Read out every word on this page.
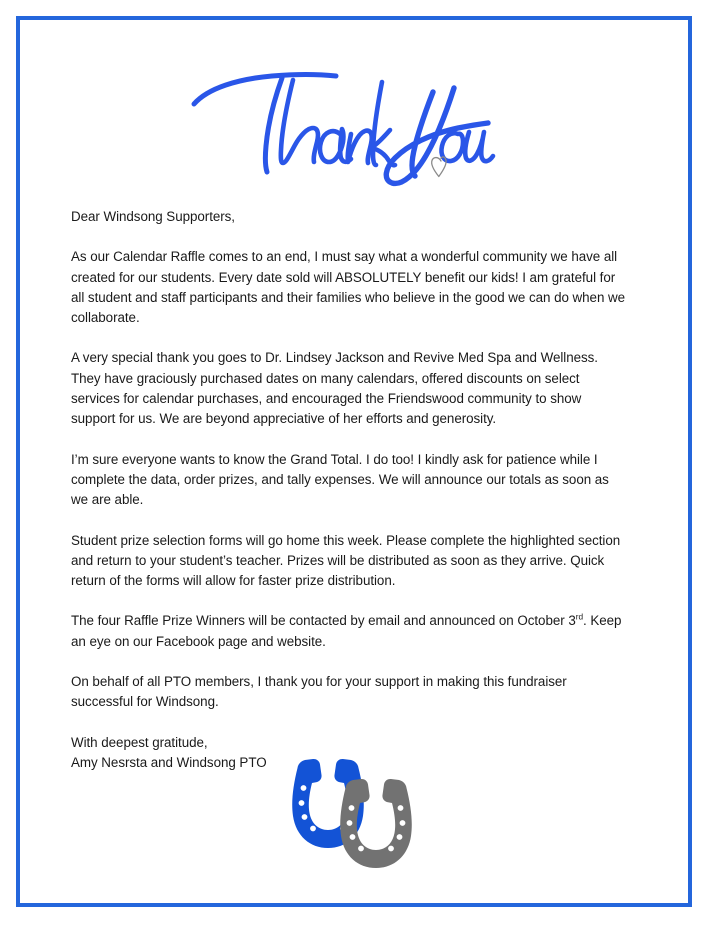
Dear Windsong Supporters,

As our Calendar Raffle comes to an end, I must say what a wonderful community we have all created for our students. Every date sold will ABSOLUTELY benefit our kids! I am grateful for all student and staff participants and their families who believe in the good we can do when we collaborate.

A very special thank you goes to Dr. Lindsey Jackson and Revive Med Spa and Wellness. They have graciously purchased dates on many calendars, offered discounts on select services for calendar purchases, and encouraged the Friendswood community to show support for us. We are beyond appreciative of her efforts and generosity.

I’m sure everyone wants to know the Grand Total. I do too! I kindly ask for patience while I complete the data, order prizes, and tally expenses. We will announce our totals as soon as we are able.

Student prize selection forms will go home this week. Please complete the highlighted section and return to your student’s teacher. Prizes will be distributed as soon as they arrive. Quick return of the forms will allow for faster prize distribution.

The four Raffle Prize Winners will be contacted by email and announced on October 3rd. Keep an eye on our Facebook page and website.

On behalf of all PTO members, I thank you for your support in making this fundraiser successful for Windsong.

With deepest gratitude,

Amy Nesrsta and Windsong PTO
